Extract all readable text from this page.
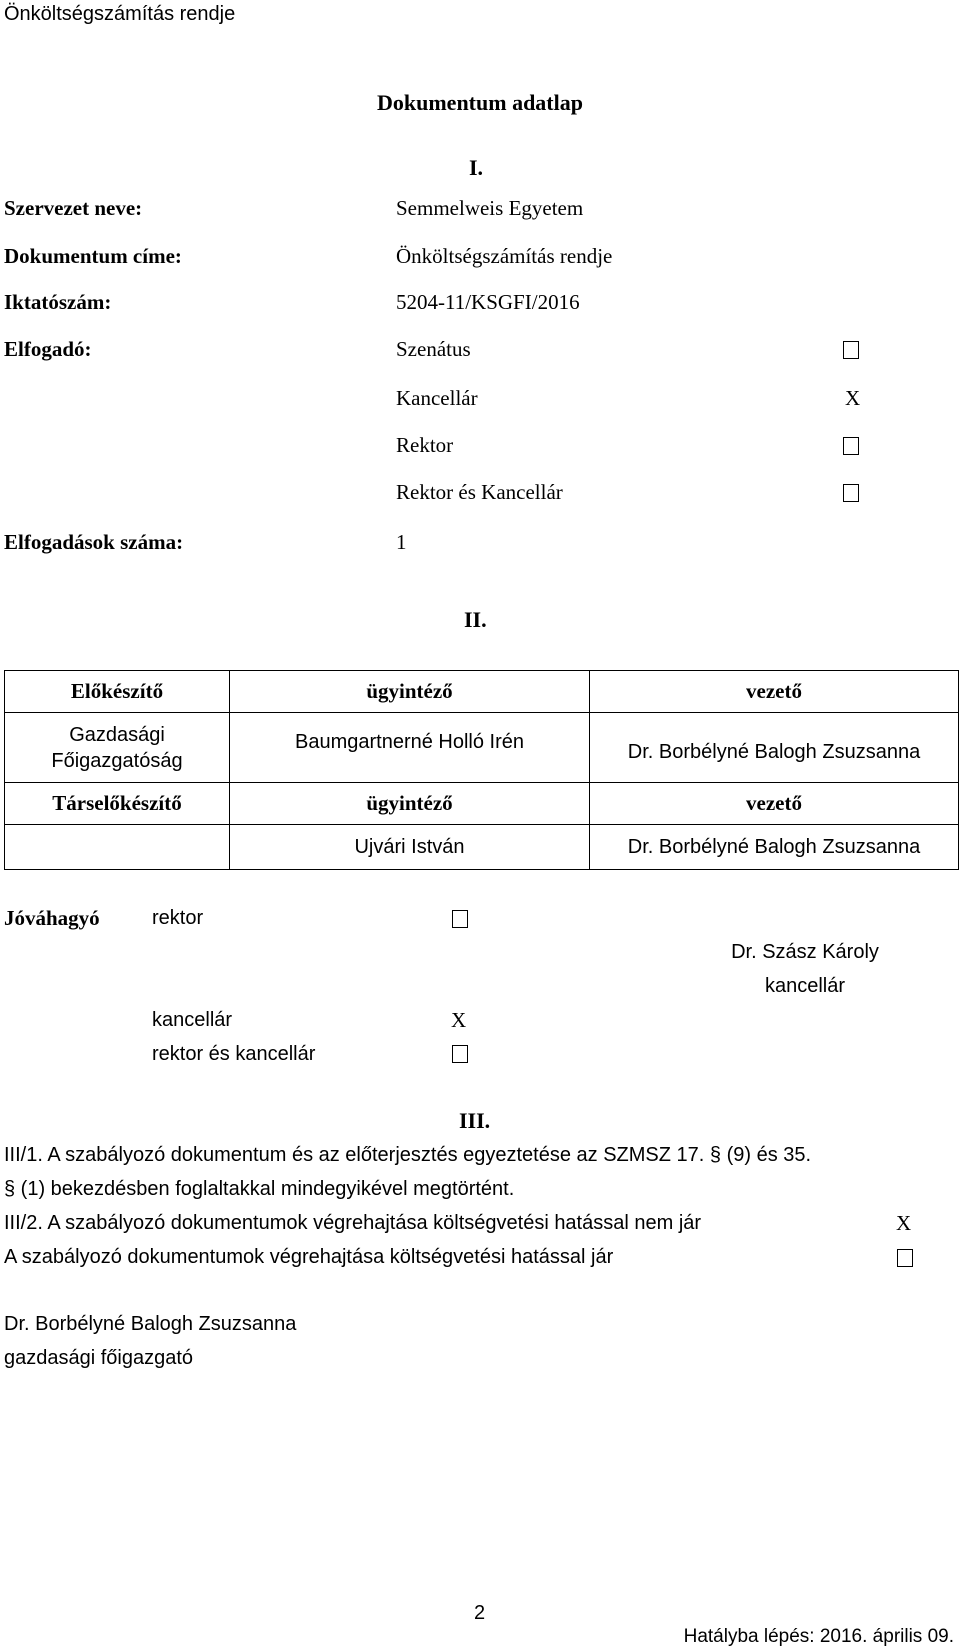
Önköltségszámítás rendje
Dokumentum adatlap
I.
Szervezet neve:	Semmelweis Egyetem
Dokumentum címe:	Önköltségszámítás rendje
Iktatószám:	5204-11/KSGFI/2016
Elfogadó:	Szenátus
Kancellár	X
Rektor
Rektor és Kancellár
Elfogadások száma:	1
II.
Előkészítő	ügyintéző	vezető

Gazdasági
Főigazgatóság	Baumgartnerné Holló Irén	Dr. Borbélyné Balogh Zsuzsanna
Társelőkészítő	ügyintéző	vezető
	Ujvári István	Dr. Borbélyné Balogh Zsuzsanna
Jóváhagyó	rektor
kancellár	X
rektor és kancellár
Dr. Szász Károly
kancellár
III.
III/1. A szabályozó dokumentum és az előterjesztés egyeztetése az SZMSZ 17. § (9) és 35.
§ (1) bekezdésben foglaltakkal mindegyikével megtörtént.
III/2. A szabályozó dokumentumok végrehajtása költségvetési hatással nem jár	X
A szabályozó dokumentumok végrehajtása költségvetési hatással jár
Dr. Borbélyné Balogh Zsuzsanna
gazdasági főigazgató
2
Hatályba lépés: 2016. április 09.
